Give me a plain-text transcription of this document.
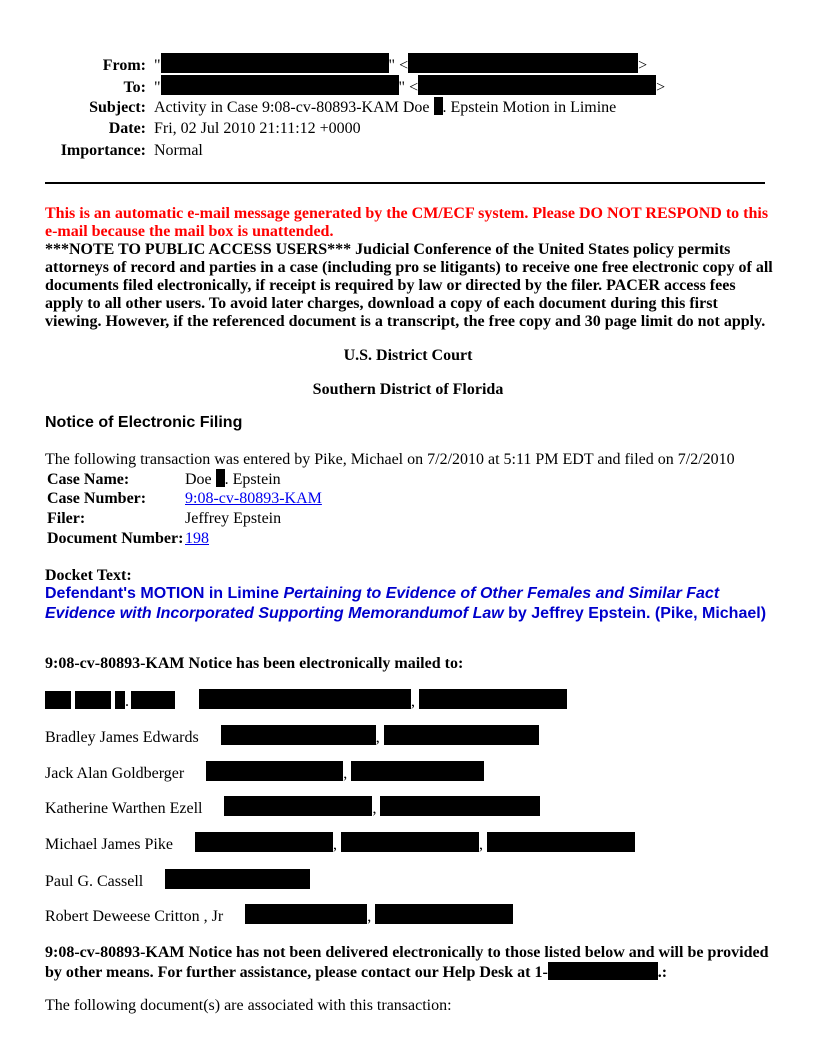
From:  "	" <	>
To:  "	" <	>
Subject: Activity in Case 9:08-cv-80893-KAM Doe . Epstein Motion in Limine
Date: Fri, 02 Jul 2010 21:11:12 +0000
Importance: Normal
This is an automatic e-mail message generated by the CM/ECF system. Please DO NOT RESPOND to this e-mail because the mail box is unattended.
***NOTE TO PUBLIC ACCESS USERS*** Judicial Conference of the United States policy permits attorneys of record and parties in a case (including pro se litigants) to receive one free electronic copy of all documents filed electronically, if receipt is required by law or directed by the filer. PACER access fees apply to all other users. To avoid later charges, download a copy of each document during this first viewing. However, if the referenced document is a transcript, the free copy and 30 page limit do not apply.
U.S. District Court
Southern District of Florida
Notice of Electronic Filing
The following transaction was entered by Pike, Michael on 7/2/2010 at 5:11 PM EDT and filed on 7/2/2010
Case Name:	Doe . Epstein
Case Number: 9:08-cv-80893-KAM
Filer:	Jeffrey Epstein
Document Number:198
Docket Text:
Defendant's MOTION in Limine Pertaining to Evidence of Other Females and Similar Fact Evidence with Incorporated Supporting Memorandumof Law by Jeffrey Epstein. (Pike, Michael)
9:08-cv-80893-KAM Notice has been electronically mailed to:
.	,
Bradley James Edwards	,
Jack Alan Goldberger	,
Katherine Warthen Ezell	,
Michael James Pike	,	,
Paul G. Cassell
Robert Deweese Critton , Jr	,
9:08-cv-80893-KAM Notice has not been delivered electronically to those listed below and will be provided by other means. For further assistance, please contact our Help Desk at 1-	.:
The following document(s) are associated with this transaction:
